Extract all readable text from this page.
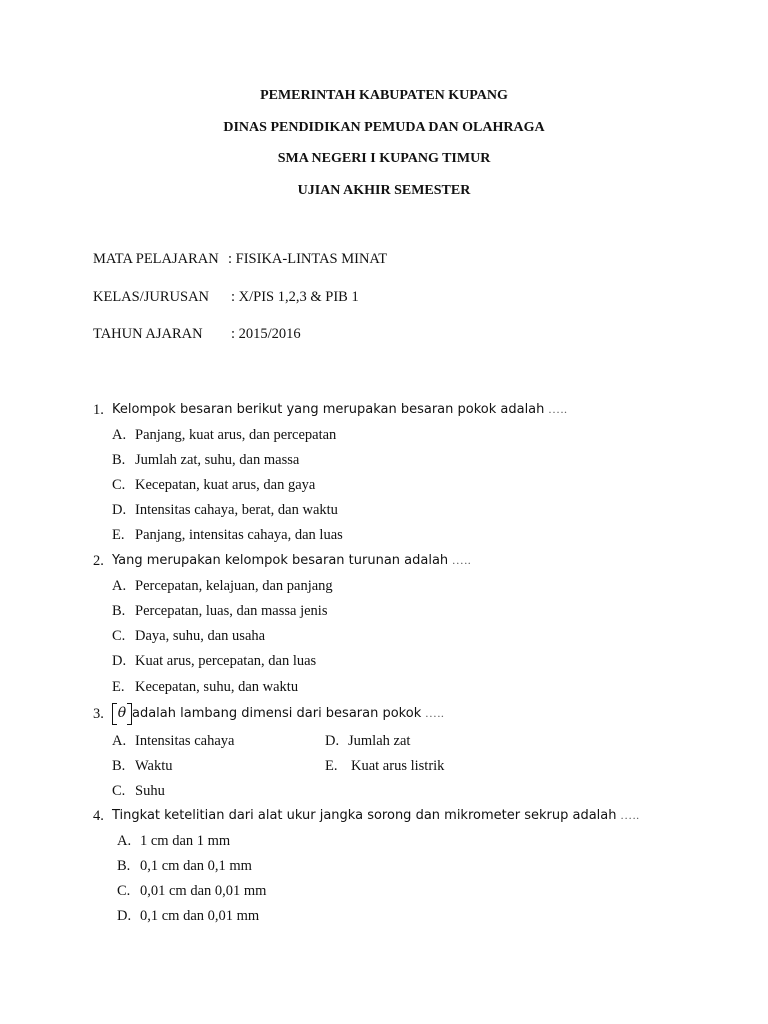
PEMERINTAH KABUPATEN KUPANG
DINAS PENDIDIKAN PEMUDA DAN OLAHRAGA
SMA NEGERI I KUPANG TIMUR
UJIAN AKHIR SEMESTER
MATA PELAJARAN : FISIKA-LINTAS MINAT
KELAS/JURUSAN : X/PIS 1,2,3 & PIB 1
TAHUN AJARAN : 2015/2016
1. Kelompok besaran berikut yang merupakan besaran pokok adalah …..
A. Panjang, kuat arus, dan percepatan
B. Jumlah zat, suhu, dan massa
C. Kecepatan, kuat arus, dan gaya
D. Intensitas cahaya, berat, dan waktu
E. Panjang, intensitas cahaya, dan luas
2. Yang merupakan kelompok besaran turunan adalah …..
A. Percepatan, kelajuan, dan panjang
B. Percepatan, luas, dan massa jenis
C. Daya, suhu, dan usaha
D. Kuat arus, percepatan, dan luas
E. Kecepatan, suhu, dan waktu
3. θ adalah lambang dimensi dari besaran pokok …..
A. Intensitas cahaya	D. Jumlah zat
B. Waktu	E. Kuat arus listrik
C. Suhu
4. Tingkat ketelitian dari alat ukur jangka sorong dan mikrometer sekrup adalah …..
A. 1 cm dan 1 mm
B. 0,1 cm dan 0,1 mm
C. 0,01 cm dan 0,01 mm
D. 0,1 cm dan 0,01 mm
